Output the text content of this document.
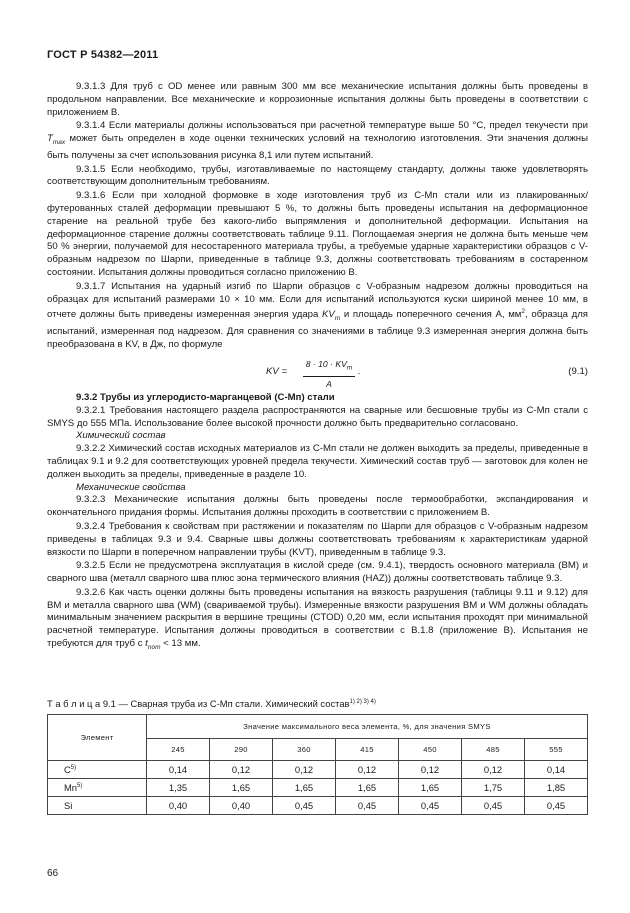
ГОСТ Р 54382—2011

9.3.1.3 Для труб с OD менее или равным 300 мм все механические испытания должны быть проведены в продольном направлении. Все механические и коррозионные испытания должны быть проведены в соответствии с приложением В.

9.3.1.4 Если материалы должны использоваться при расчетной температуре выше 50 °С, предел текучести при $T_{max}$ может быть определен в ходе оценки технических условий на технологию изготовления. Эти значения должны быть получены за счет использования рисунка 8,1 или путем испытаний.

9.3.1.5 Если необходимо, трубы, изготавливаемые по настоящему стандарту, должны также удовлетворять соответствующим дополнительным требованиям.

9.3.1.6 Если при холодной формовке в ходе изготовления труб из С-Мп стали или из плакированных/футерованных сталей деформации превышают 5 %, то должны быть проведены испытания на деформационное старение на реальной трубе без какого-либо выпрямления и дополнительной деформации. Испытания на деформационное старение должны соответствовать таблице 9.11. Поглощаемая энергия не должна быть меньше чем 50 % энергии, получаемой для несостаренного материала трубы, а требуемые ударные характеристики образцов с V-образным надрезом по Шарпи, приведенные в таблице 9.3, должны соответствовать требованиям в состаренном состоянии. Испытания должны проводиться согласно приложению В.

9.3.1.7 Испытания на ударный изгиб по Шарпи образцов с V-образным надрезом должны проводиться на образцах для испытаний размерами 10 × 10 мм. Если для испытаний используются куски шириной менее 10 мм, в отчете должны быть приведены измеренная энергия удара $KV_m$ и площадь поперечного сечения А, $мм^2$, образца для испытаний, измеренная под надрезом. Для сравнения со значениями в таблице 9.3 измеренная энергия должна быть преобразована в KV, в Дж, по формуле

KV =
$8 \cdot 10 \cdot KV_m$
A
.	(9.1)

9.3.2 Трубы из углеродисто-марганцевой (С-Мп) стали

9.3.2.1 Требования настоящего раздела распространяются на сварные или бесшовные трубы из С-Мп стали с SMYS до 555 МПа. Использование более высокой прочности должно быть предварительно согласовано.

Химический состав

9.3.2.2 Химический состав исходных материалов из С-Мп стали не должен выходить за пределы, приведенные в таблицах 9.1 и 9.2 для соответствующих уровней предела текучести. Химический состав труб — заготовок для колен не должен выходить за пределы, приведенные в разделе 10.

Механические свойства

9.3.2.3 Механические испытания должны быть проведены после термообработки, экспандирования и окончательного придания формы. Испытания должны проходить в соответствии с приложением В.

9.3.2.4 Требования к свойствам при растяжении и показателям по Шарпи для образцов с V-образным надрезом приведены в таблицах 9.3 и 9.4. Сварные швы должны соответствовать требованиям к характеристикам ударной вязкости по Шарпи в поперечном направлении трубы (KVT), приведенным в таблице 9.3.

9.3.2.5 Если не предусмотрена эксплуатация в кислой среде (см. 9.4.1), твердость основного материала (ВМ) и сварного шва (металл сварного шва плюс зона термического влияния (HAZ)) должны соответствовать таблице 9.3.

9.3.2.6 Как часть оценки должны быть проведены испытания на вязкость разрушения (таблицы 9.11 и 9.12) для ВМ и металла сварного шва (WM) (свариваемой трубы). Измеренные вязкости разрушения ВМ и WM должны обладать минимальным значением раскрытия в вершине трещины (CTOD) 0,20 мм, если испытания проходят при минимальной расчетной температуре. Испытания должны проводиться в соответствии с В.1.8 (приложение В). Испытания не требуются для труб с $t_{nom} < 13$ мм.

Т а б л и ц а 9.1 — Сварная труба из С-Мп стали. Химический состав$^{1) 2) 3) 4)}$
Элемент	Значение максимального веса элемента, %, для значения SMYS						
	245	290	360	415	450	485	555
$C^{5)}$	0,14	0,12	0,12	0,12	0,12	0,12	0,14
Mn$^{5)}$	1,35	1,65	1,65	1,65	1,65	1,75	1,85
Si	0,40	0,40	0,45	0,45	0,45	0,45	0,45
66
